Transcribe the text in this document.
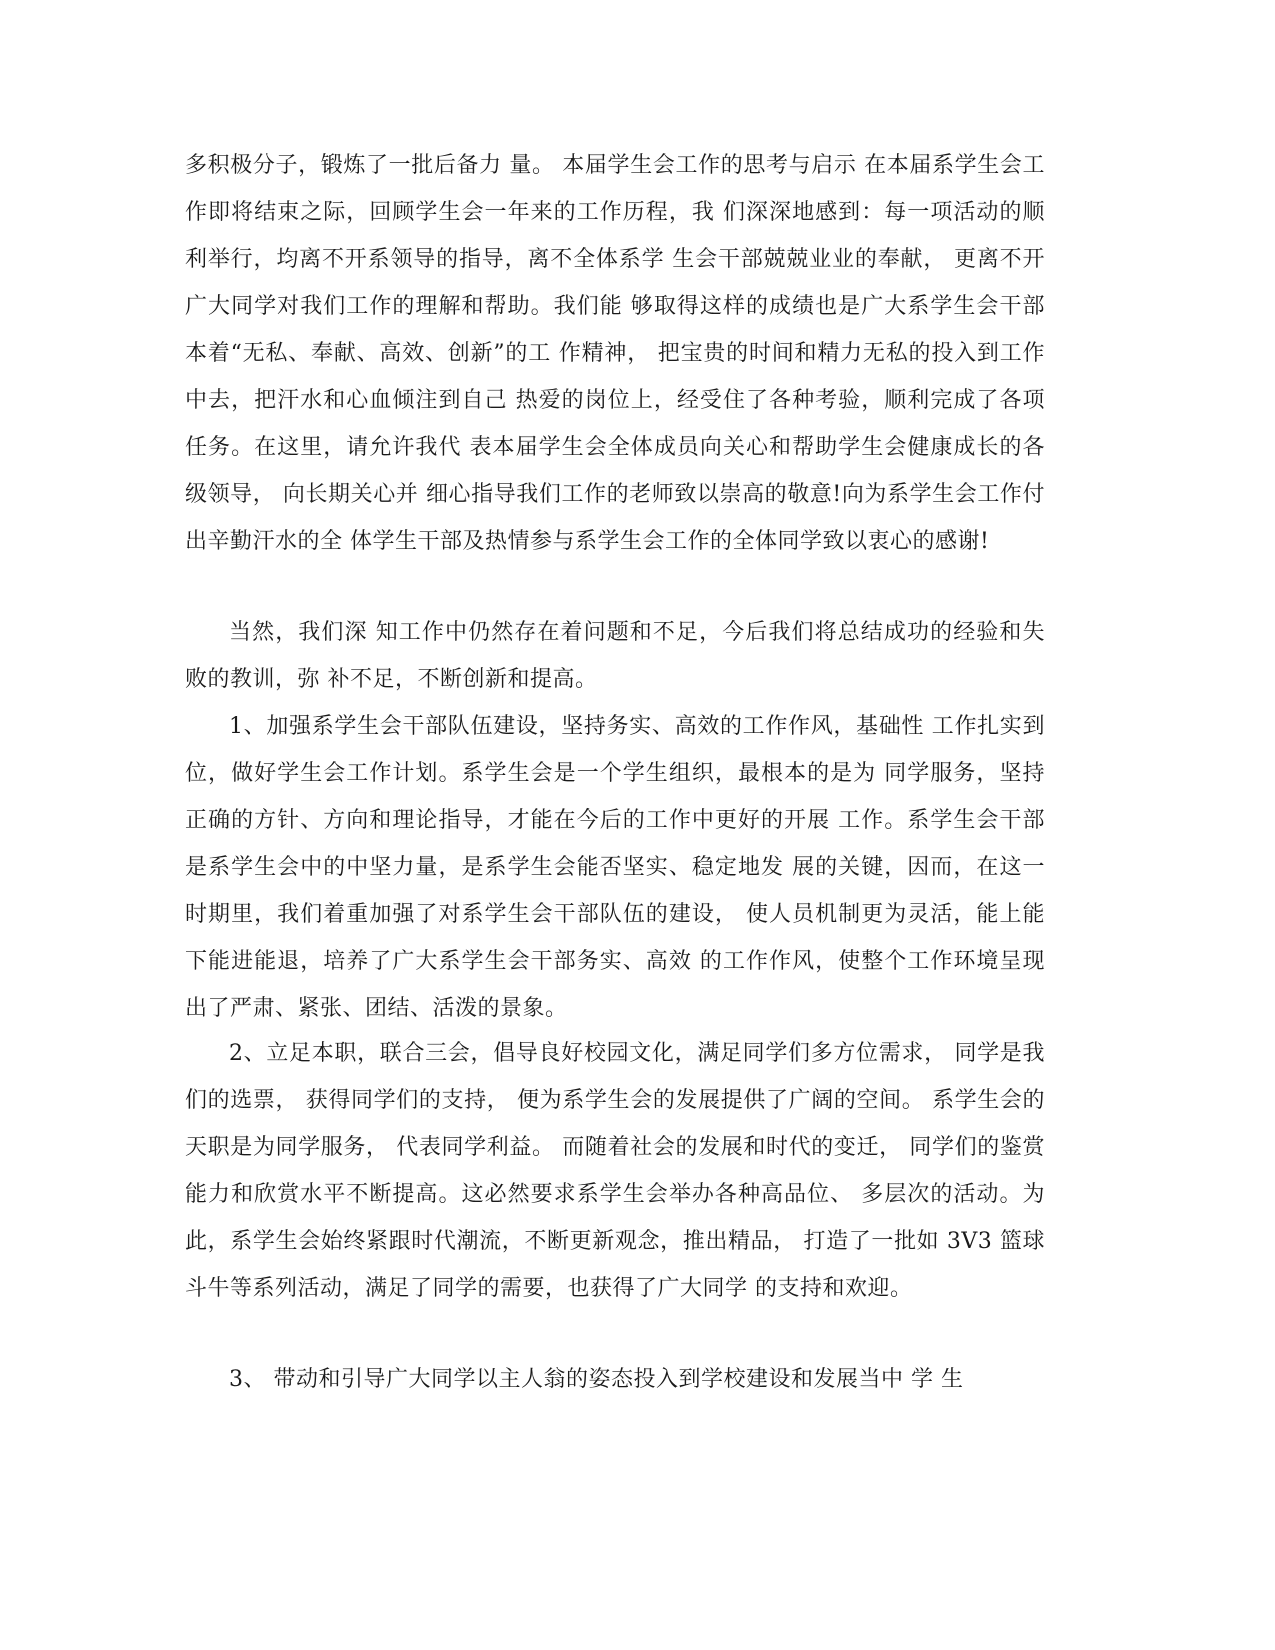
多积极分子，锻炼了一批后备力 量。 本届学生会工作的思考与启示 在本届系学生会工作即将结束之际，回顾学生会一年来的工作历程，我 们深深地感到：每一项活动的顺利举行，均离不开系领导的指导，离不全体系学 生会干部兢兢业业的奉献， 更离不开广大同学对我们工作的理解和帮助。我们能 够取得这样的成绩也是广大系学生会干部本着“无私、奉献、高效、创新”的工 作精神， 把宝贵的时间和精力无私的投入到工作中去，把汗水和心血倾注到自己 热爱的岗位上，经受住了各种考验，顺利完成了各项任务。在这里，请允许我代 表本届学生会全体成员向关心和帮助学生会健康成长的各级领导， 向长期关心并 细心指导我们工作的老师致以崇高的敬意!向为系学生会工作付出辛勤汗水的全 体学生干部及热情参与系学生会工作的全体同学致以衷心的感谢!

当然，我们深 知工作中仍然存在着问题和不足，今后我们将总结成功的经验和失败的教训，弥 补不足，不断创新和提高。

1、加强系学生会干部队伍建设，坚持务实、高效的工作作风，基础性 工作扎实到位，做好学生会工作计划。系学生会是一个学生组织，最根本的是为 同学服务，坚持正确的方针、方向和理论指导，才能在今后的工作中更好的开展 工作。系学生会干部是系学生会中的中坚力量，是系学生会能否坚实、稳定地发 展的关键，因而，在这一时期里，我们着重加强了对系学生会干部队伍的建设， 使人员机制更为灵活，能上能下能进能退，培养了广大系学生会干部务实、高效 的工作作风，使整个工作环境呈现出了严肃、紧张、团结、活泼的景象。

2、立足本职，联合三会，倡导良好校园文化，满足同学们多方位需求， 同学是我们的选票， 获得同学们的支持， 便为系学生会的发展提供了广阔的空间。 系学生会的天职是为同学服务， 代表同学利益。 而随着社会的发展和时代的变迁， 同学们的鉴赏能力和欣赏水平不断提高。这必然要求系学生会举办各种高品位、 多层次的活动。为此，系学生会始终紧跟时代潮流，不断更新观念，推出精品， 打造了一批如 3V3 篮球斗牛等系列活动，满足了同学的需要，也获得了广大同学 的支持和欢迎。

3、 带动和引导广大同学以主人翁的姿态投入到学校建设和发展当中 学 生
